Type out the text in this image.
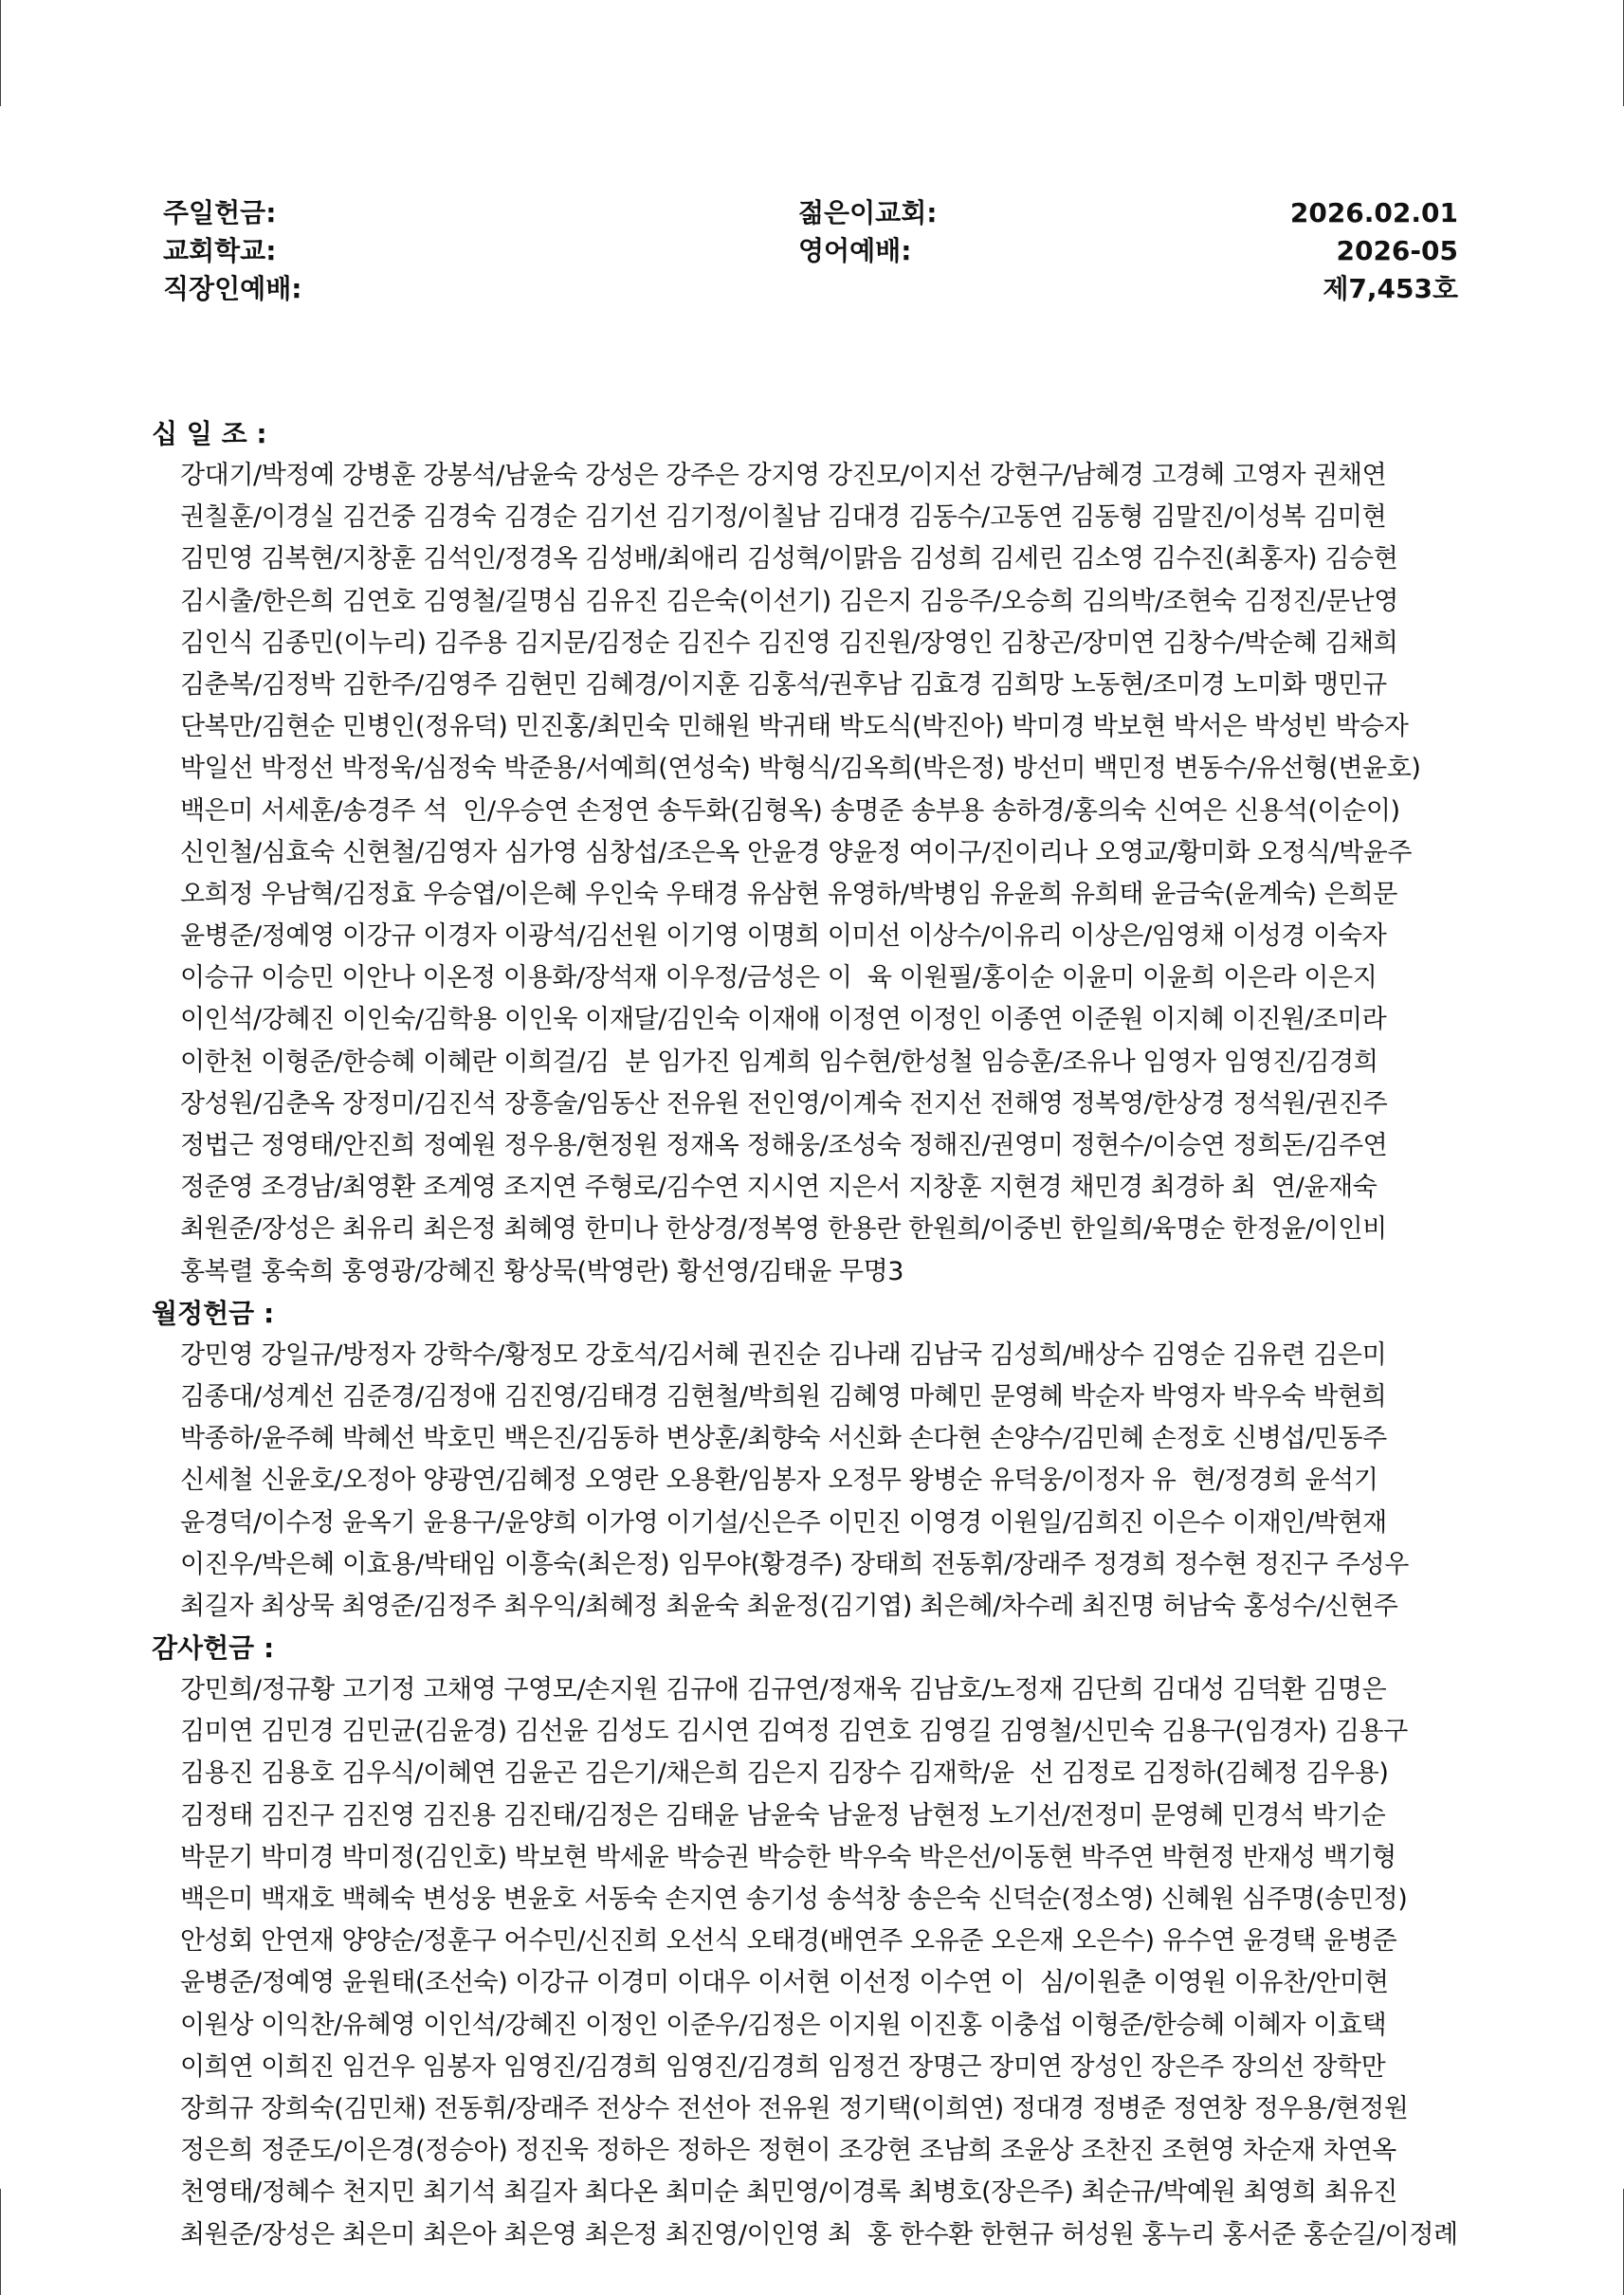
주일헌금:
교회학교:
직장인예배:
젊은이교회:
영어예배:
2026.02.01
2026-05
제7,453호
십 일 조 :
강대기/박정예 강병훈 강봉석/남윤숙 강성은 강주은 강지영 강진모/이지선 강현구/남혜경 고경혜 고영자 권채연
권칠훈/이경실 김건중 김경숙 김경순 김기선 김기정/이칠남 김대경 김동수/고동연 김동형 김말진/이성복 김미현
김민영 김복현/지창훈 김석인/정경옥 김성배/최애리 김성혁/이맑음 김성희 김세린 김소영 김수진(최홍자) 김승현
김시출/한은희 김연호 김영철/길명심 김유진 김은숙(이선기) 김은지 김응주/오승희 김의박/조현숙 김정진/문난영
김인식 김종민(이누리) 김주용 김지문/김정순 김진수 김진영 김진원/장영인 김창곤/장미연 김창수/박순혜 김채희
김춘복/김정박 김한주/김영주 김현민 김혜경/이지훈 김홍석/권후남 김효경 김희망 노동현/조미경 노미화 맹민규
단복만/김현순 민병인(정유덕) 민진홍/최민숙 민해원 박귀태 박도식(박진아) 박미경 박보현 박서은 박성빈 박승자
박일선 박정선 박정욱/심정숙 박준용/서예희(연성숙) 박형식/김옥희(박은정) 방선미 백민정 변동수/유선형(변윤호)
백은미 서세훈/송경주 석  인/우승연 손정연 송두화(김형옥) 송명준 송부용 송하경/홍의숙 신여은 신용석(이순이)
신인철/심효숙 신현철/김영자 심가영 심창섭/조은옥 안윤경 양윤정 여이구/진이리나 오영교/황미화 오정식/박윤주
오희정 우남혁/김정효 우승엽/이은혜 우인숙 우태경 유삼현 유영하/박병임 유윤희 유희태 윤금숙(윤계숙) 은희문
윤병준/정예영 이강규 이경자 이광석/김선원 이기영 이명희 이미선 이상수/이유리 이상은/임영채 이성경 이숙자
이승규 이승민 이안나 이온정 이용화/장석재 이우정/금성은 이  육 이원필/홍이순 이윤미 이윤희 이은라 이은지
이인석/강혜진 이인숙/김학용 이인욱 이재달/김인숙 이재애 이정연 이정인 이종연 이준원 이지혜 이진원/조미라
이한천 이형준/한승혜 이혜란 이희걸/김  분 임가진 임계희 임수현/한성철 임승훈/조유나 임영자 임영진/김경희
장성원/김춘옥 장정미/김진석 장흥술/임동산 전유원 전인영/이계숙 전지선 전해영 정복영/한상경 정석원/권진주
정법근 정영태/안진희 정예원 정우용/현정원 정재옥 정해웅/조성숙 정해진/권영미 정현수/이승연 정희돈/김주연
정준영 조경남/최영환 조계영 조지연 주형로/김수연 지시연 지은서 지창훈 지현경 채민경 최경하 최  연/윤재숙
최원준/장성은 최유리 최은정 최혜영 한미나 한상경/정복영 한용란 한원희/이중빈 한일희/육명순 한정윤/이인비
홍복렬 홍숙희 홍영광/강혜진 황상묵(박영란) 황선영/김태윤 무명3
월정헌금 :
강민영 강일규/방정자 강학수/황정모 강호석/김서혜 권진순 김나래 김남국 김성희/배상수 김영순 김유련 김은미
김종대/성계선 김준경/김정애 김진영/김태경 김현철/박희원 김혜영 마혜민 문영혜 박순자 박영자 박우숙 박현희
박종하/윤주혜 박혜선 박호민 백은진/김동하 변상훈/최향숙 서신화 손다현 손양수/김민혜 손정호 신병섭/민동주
신세철 신윤호/오정아 양광연/김혜정 오영란 오용환/임봉자 오정무 왕병순 유덕웅/이정자 유  현/정경희 윤석기
윤경덕/이수정 윤옥기 윤용구/윤양희 이가영 이기설/신은주 이민진 이영경 이원일/김희진 이은수 이재인/박현재
이진우/박은혜 이효용/박태임 이흥숙(최은정) 임무야(황경주) 장태희 전동휘/장래주 정경희 정수현 정진구 주성우
최길자 최상묵 최영준/김정주 최우익/최혜정 최윤숙 최윤정(김기엽) 최은혜/차수레 최진명 허남숙 홍성수/신현주
감사헌금 :
강민희/정규황 고기정 고채영 구영모/손지원 김규애 김규연/정재욱 김남호/노정재 김단희 김대성 김덕환 김명은
김미연 김민경 김민균(김윤경) 김선윤 김성도 김시연 김여정 김연호 김영길 김영철/신민숙 김용구(임경자) 김용구
김용진 김용호 김우식/이혜연 김윤곤 김은기/채은희 김은지 김장수 김재학/윤  선 김정로 김정하(김혜정 김우용)
김정태 김진구 김진영 김진용 김진태/김정은 김태윤 남윤숙 남윤정 남현정 노기선/전정미 문영혜 민경석 박기순
박문기 박미경 박미정(김인호) 박보현 박세윤 박승권 박승한 박우숙 박은선/이동현 박주연 박현정 반재성 백기형
백은미 백재호 백혜숙 변성웅 변윤호 서동숙 손지연 송기성 송석창 송은숙 신덕순(정소영) 신혜원 심주명(송민정)
안성회 안연재 양양순/정훈구 어수민/신진희 오선식 오태경(배연주 오유준 오은재 오은수) 유수연 윤경택 윤병준
윤병준/정예영 윤원태(조선숙) 이강규 이경미 이대우 이서현 이선정 이수연 이  심/이원춘 이영원 이유찬/안미현
이원상 이익찬/유혜영 이인석/강혜진 이정인 이준우/김정은 이지원 이진홍 이충섭 이형준/한승혜 이혜자 이효택
이희연 이희진 임건우 임봉자 임영진/김경희 임영진/김경희 임정건 장명근 장미연 장성인 장은주 장의선 장학만
장희규 장희숙(김민채) 전동휘/장래주 전상수 전선아 전유원 정기택(이희연) 정대경 정병준 정연창 정우용/현정원
정은희 정준도/이은경(정승아) 정진욱 정하은 정하은 정현이 조강현 조남희 조윤상 조찬진 조현영 차순재 차연옥
천영태/정혜수 천지민 최기석 최길자 최다온 최미순 최민영/이경록 최병호(장은주) 최순규/박예원 최영희 최유진
최원준/장성은 최은미 최은아 최은영 최은정 최진영/이인영 최  홍 한수환 한현규 허성원 홍누리 홍서준 홍순길/이정례
